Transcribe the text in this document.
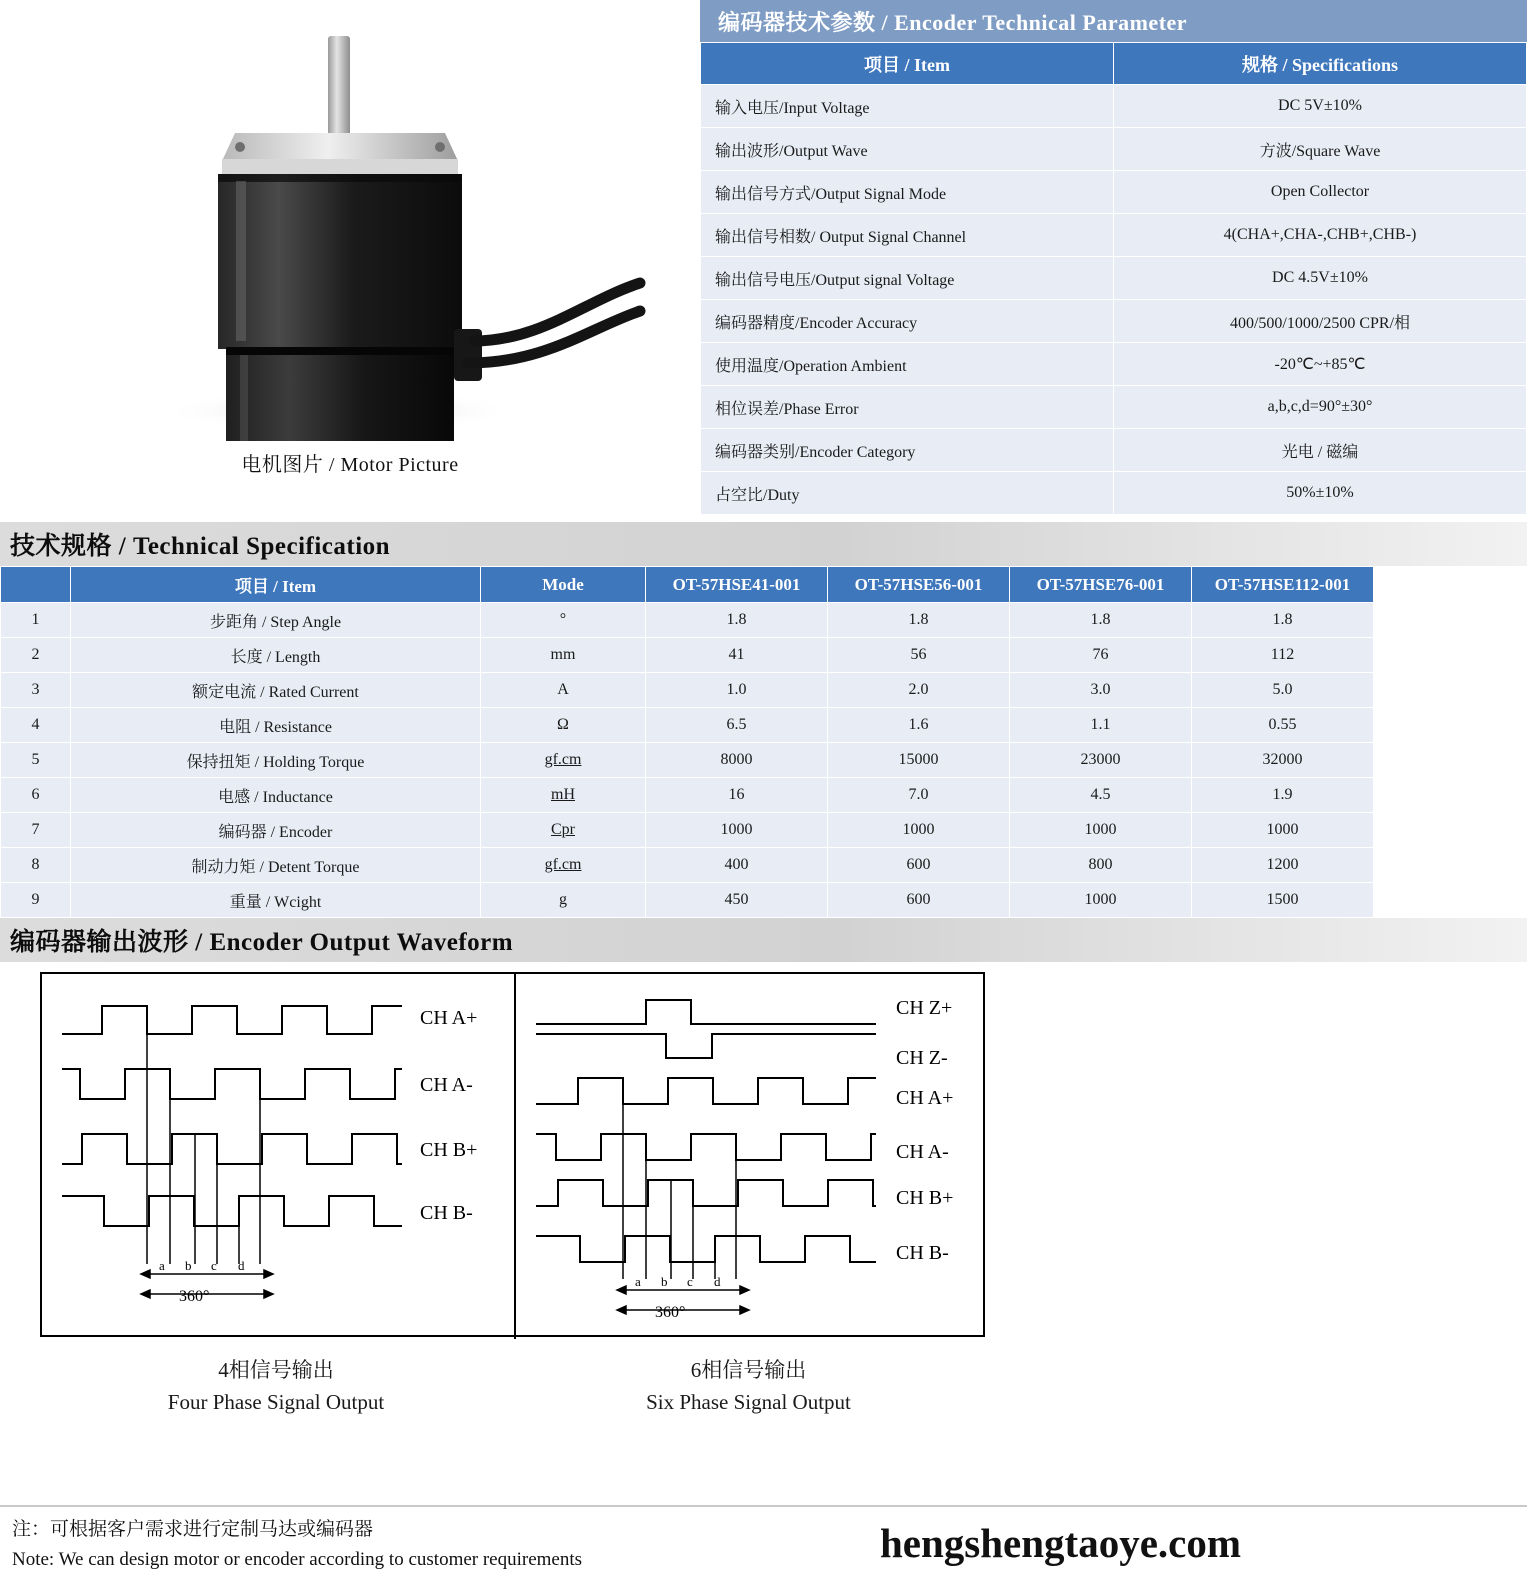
电机图片 / Motor Picture
编码器技术参数 / Encoder Technical Parameter
项目 / Item	规格 / Specifications
输入电压/Input Voltage	DC 5V±10%
输出波形/Output Wave	方波/Square Wave
输出信号方式/Output Signal Mode	Open Collector
输出信号相数/ Output Signal Channel	4(CHA+,CHA-,CHB+,CHB-)
输出信号电压/Output signal Voltage	DC 4.5V±10%
编码器精度/Encoder Accuracy	400/500/1000/2500 CPR/相
使用温度/Operation Ambient	-20℃~+85℃
相位误差/Phase Error	a,b,c,d=90°±30°
编码器类别/Encoder Category	光电 / 磁编
占空比/Duty	50%±10%
技术规格 / Technical Specification
	项目 / Item	Mode	OT-57HSE41-001	OT-57HSE56-001	OT-57HSE76-001	OT-57HSE112-001	
1	步距角 / Step Angle	°	1.8	1.8	1.8	1.8	
2	长度 / Length	mm	41	56	76	112	
3	额定电流 / Rated Current	A	1.0	2.0	3.0	5.0	
4	电阻 / Resistance	Ω	6.5	1.6	1.1	0.55	
5	保持扭矩 / Holding Torque	gf.cm	8000	15000	23000	32000	
6	电感 / Inductance	mH	16	7.0	4.5	1.9	
7	编码器 / Encoder	Cpr	1000	1000	1000	1000	
8	制动力矩 / Detent Torque	gf.cm	400	600	800	1200	
9	重量 / Wcight	g	450	600	1000	1500	
编码器输出波形 / Encoder Output Waveform
CH A+
CH A-
CH B+
CH B-
a b c d
360°
CH Z+
CH Z-
CH A+
CH A-
CH B+
CH B-
a b c d
360°
4相信号输出
Four Phase Signal Output
6相信号输出
Six Phase Signal Output
注：可根据客户需求进行定制马达或编码器
Note: We can design motor or encoder according to customer requirements	hengshengtaoye.com
